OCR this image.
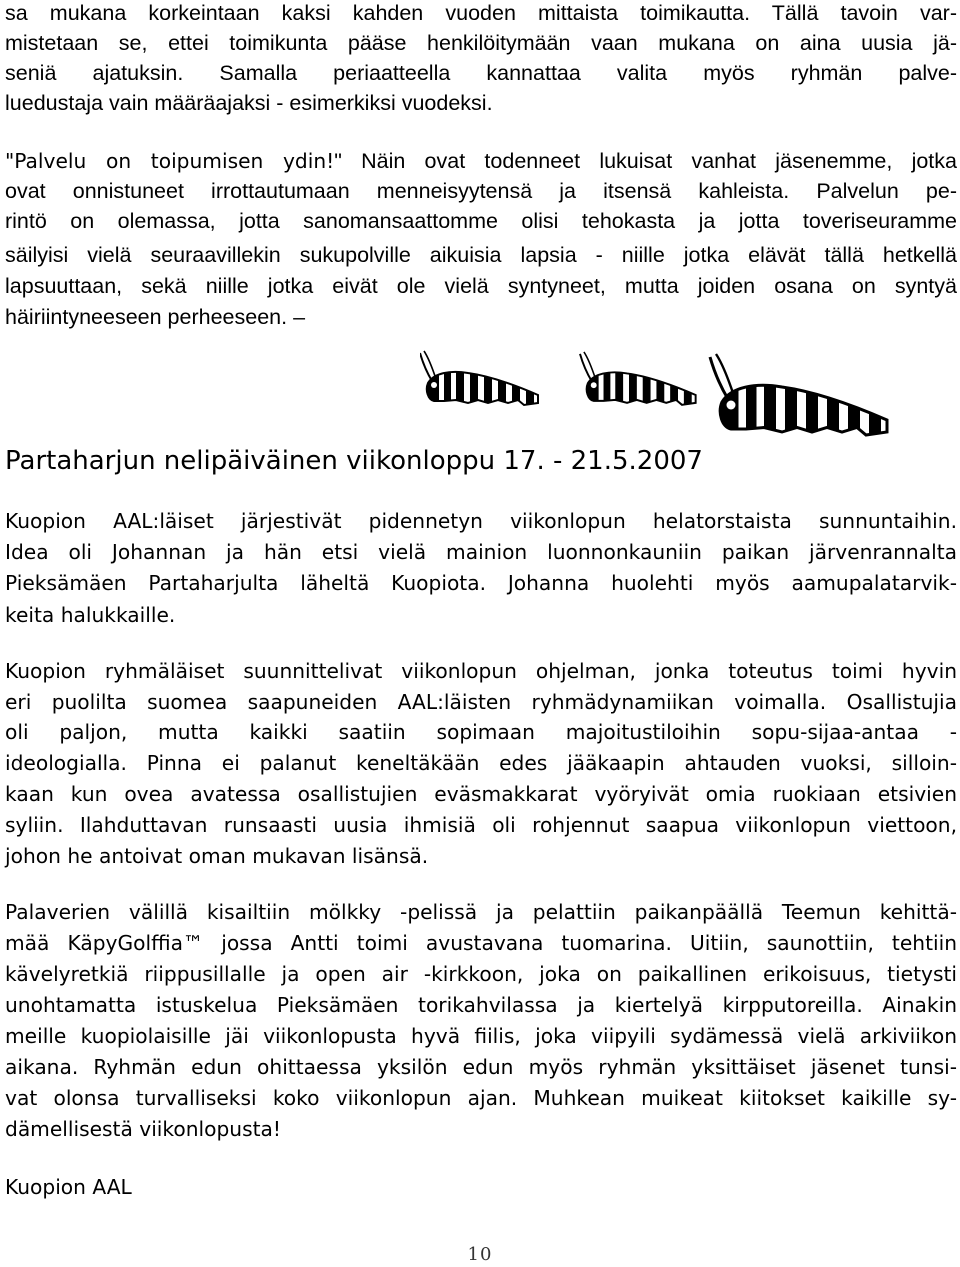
sa mukana korkeintaan kaksi kahden vuoden mittaista toimikautta. Tällä tavoin var-
mistetaan se, ettei toimikunta pääse henkilöitymään vaan mukana on aina uusia jä-
seniä ajatuksin. Samalla periaatteella kannattaa valita myös ryhmän palve-
luedustaja vain määräajaksi - esimerkiksi vuodeksi.
"Palvelu on toipumisen ydin!" Näin ovat todenneet lukuisat vanhat jäsenemme, jotka
ovat onnistuneet irrottautumaan menneisyytensä ja itsensä kahleista. Palvelun pe-
rintö on olemassa, jotta sanomansaattomme olisi tehokasta ja jotta toveriseuramme
säilyisi vielä seuraavillekin sukupolville aikuisia lapsia - niille jotka elävät tällä hetkellä
lapsuuttaan, sekä niille jotka eivät ole vielä syntyneet, mutta joiden osana on syntyä
häiriintyneeseen perheeseen. –
Partaharjun nelipäiväinen viikonloppu 17. - 21.5.2007
Kuopion AAL:läiset järjestivät pidennetyn viikonlopun helatorstaista sunnuntaihin.
Idea oli Johannan ja hän etsi vielä mainion luonnonkauniin paikan järvenrannalta
Pieksämäen Partaharjulta läheltä Kuopiota. Johanna huolehti myös aamupalatarvik-
keita halukkaille.
Kuopion ryhmäläiset suunnittelivat viikonlopun ohjelman, jonka toteutus toimi hyvin
eri puolilta suomea saapuneiden AAL:läisten ryhmädynamiikan voimalla. Osallistujia
oli paljon, mutta kaikki saatiin sopimaan majoitustiloihin sopu-sijaa-antaa -
ideologialla. Pinna ei palanut keneltäkään edes jääkaapin ahtauden vuoksi, silloin-
kaan kun ovea avatessa osallistujien eväsmakkarat vyöryivät omia ruokiaan etsivien
syliin. Ilahduttavan runsaasti uusia ihmisiä oli rohjennut saapua viikonlopun viettoon,
johon he antoivat oman mukavan lisänsä.
Palaverien välillä kisailtiin mölkky -pelissä ja pelattiin paikanpäällä Teemun kehittä-
mää KäpyGolffia™ jossa Antti toimi avustavana tuomarina. Uitiin, saunottiin, tehtiin
kävelyretkiä riippusillalle ja open air -kirkkoon, joka on paikallinen erikoisuus, tietysti
unohtamatta istuskelua Pieksämäen torikahvilassa ja kiertelyä kirpputoreilla. Ainakin
meille kuopiolaisille jäi viikonlopusta hyvä fiilis, joka viipyili sydämessä vielä arkiviikon
aikana. Ryhmän edun ohittaessa yksilön edun myös ryhmän yksittäiset jäsenet tunsi-
vat olonsa turvalliseksi koko viikonlopun ajan. Muhkean muikeat kiitokset kaikille sy-
dämellisestä viikonlopusta!
Kuopion AAL
10
